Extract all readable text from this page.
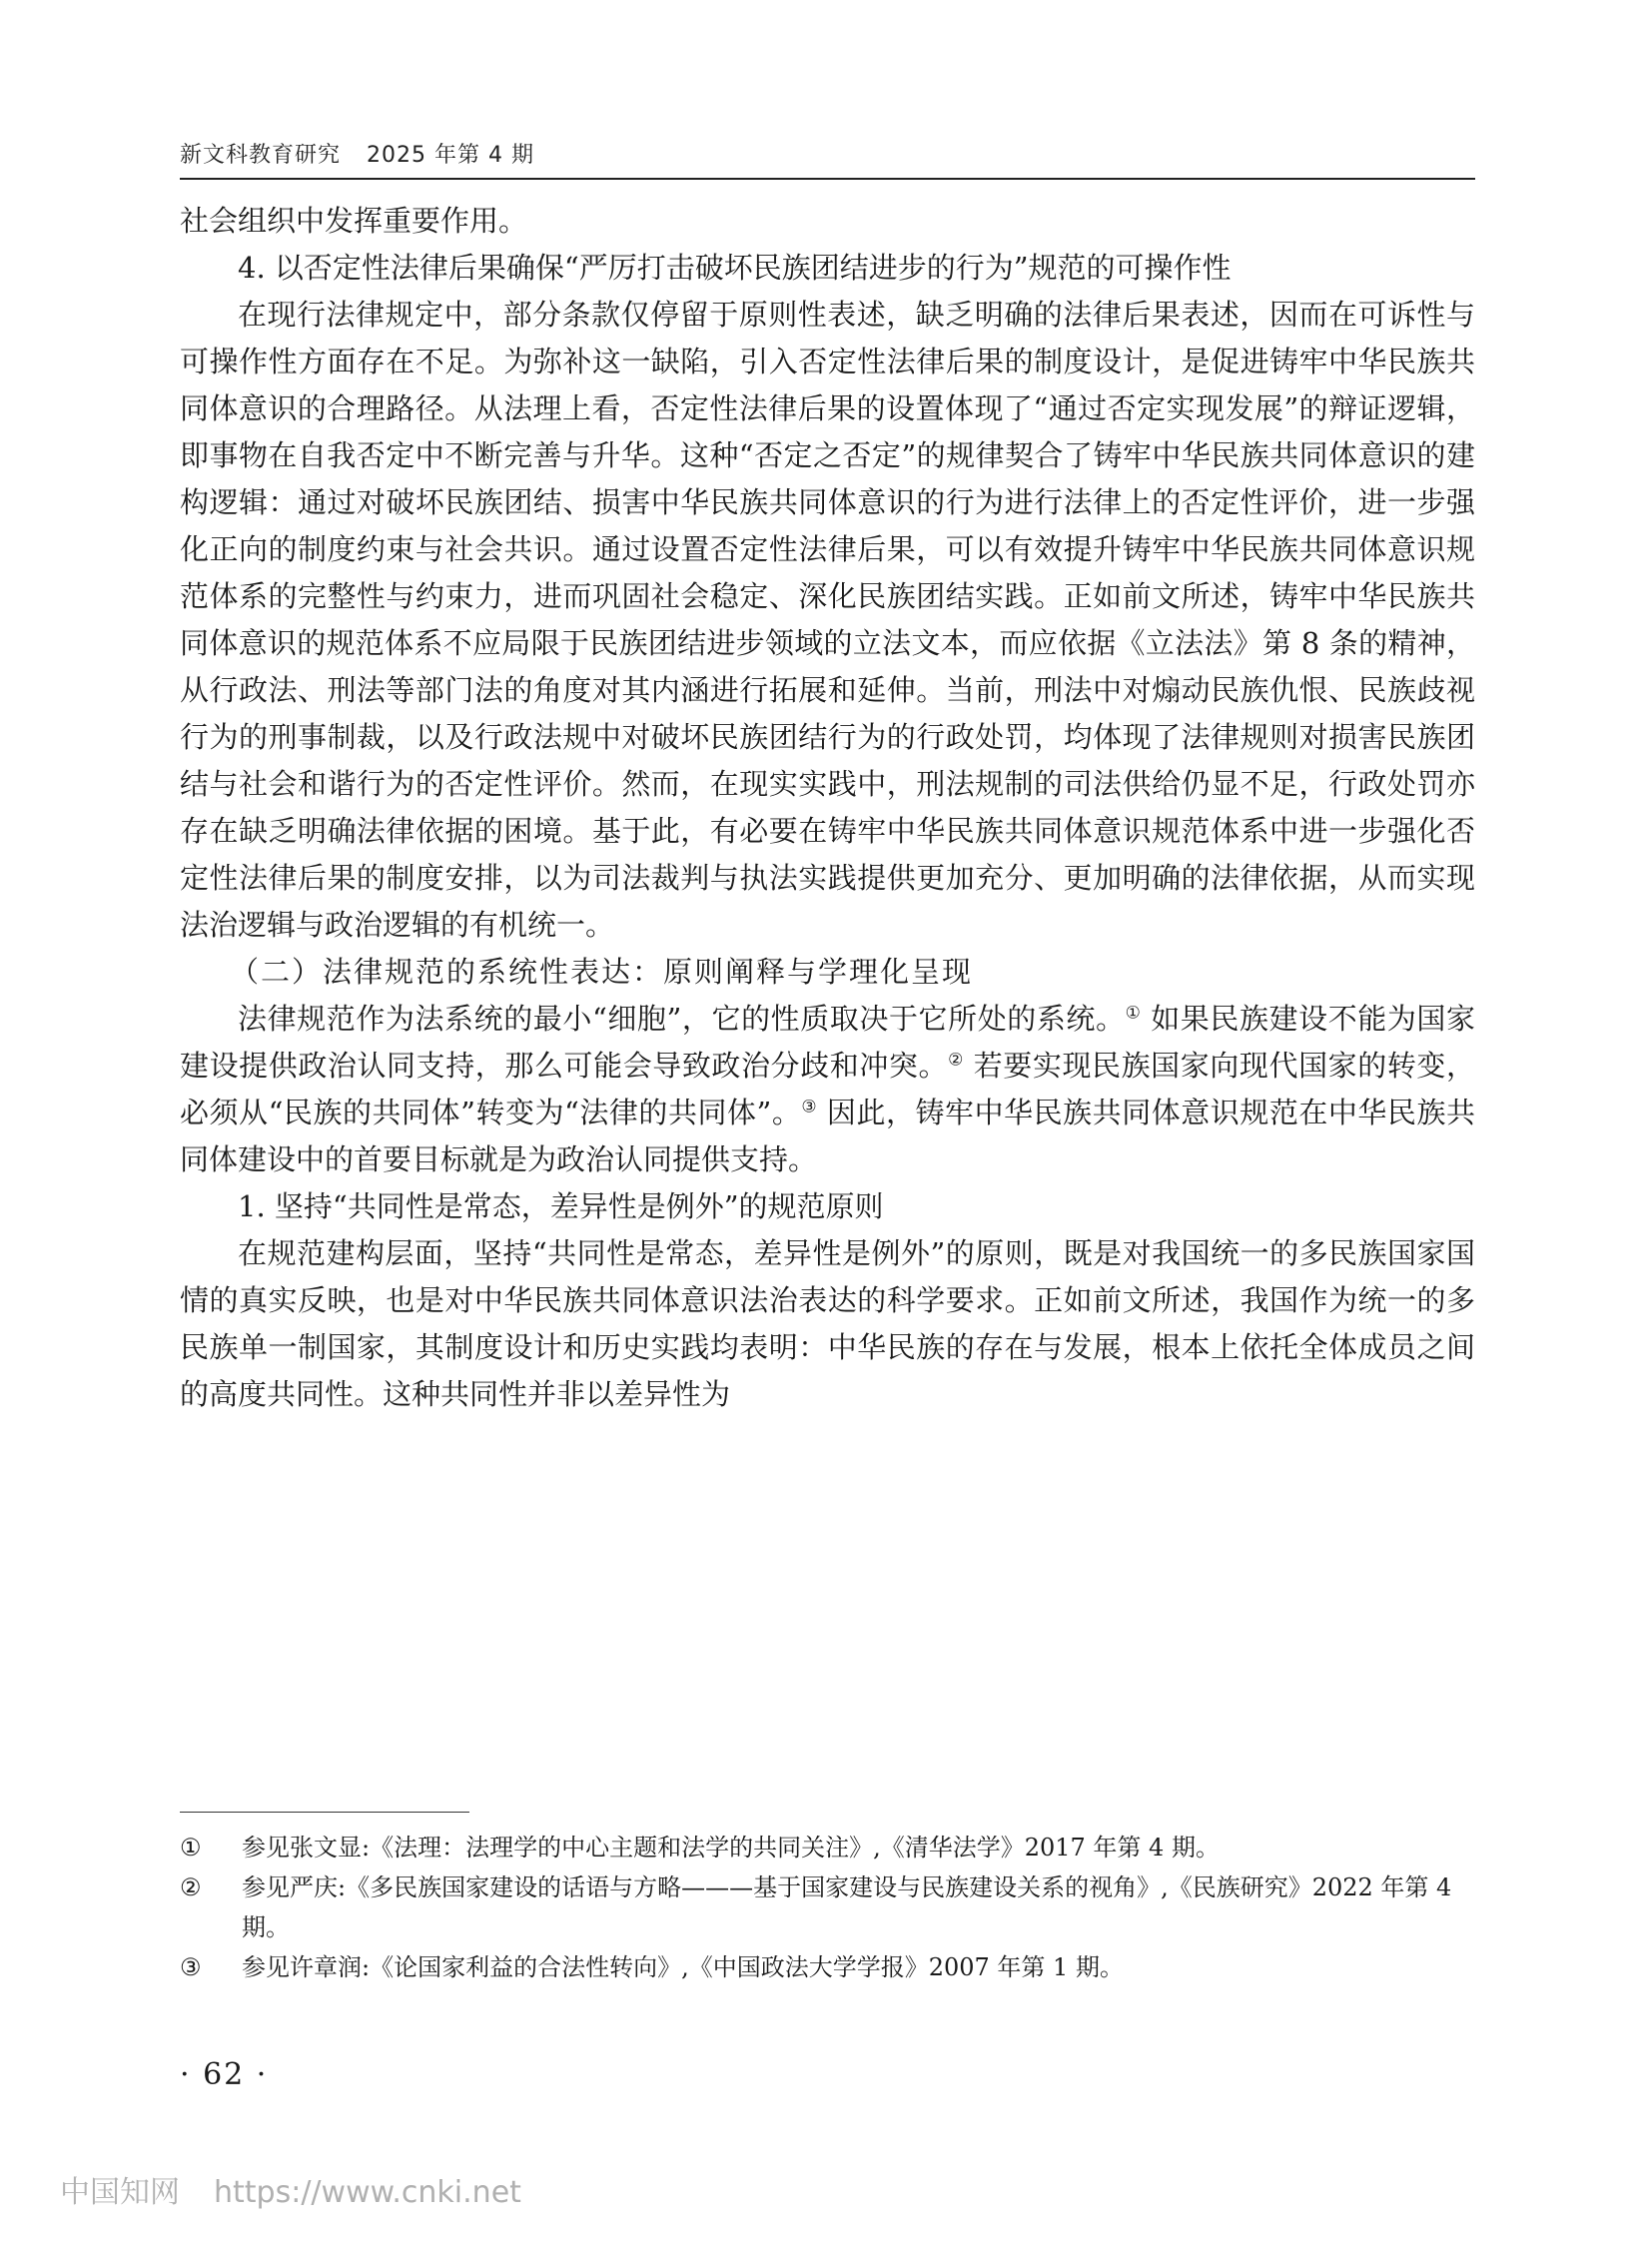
新文科教育研究 2025 年第 4 期

社会组织中发挥重要作用。

4. 以否定性法律后果确保“严厉打击破坏民族团结进步的行为”规范的可操作性

在现行法律规定中，部分条款仅停留于原则性表述，缺乏明确的法律后果表述，因而在可诉性与可操作性方面存在不足。为弥补这一缺陷，引入否定性法律后果的制度设计，是促进铸牢中华民族共同体意识的合理路径。从法理上看，否定性法律后果的设置体现了“通过否定实现发展”的辩证逻辑，即事物在自我否定中不断完善与升华。这种“否定之否定”的规律契合了铸牢中华民族共同体意识的建构逻辑：通过对破坏民族团结、损害中华民族共同体意识的行为进行法律上的否定性评价，进一步强化正向的制度约束与社会共识。通过设置否定性法律后果，可以有效提升铸牢中华民族共同体意识规范体系的完整性与约束力，进而巩固社会稳定、深化民族团结实践。正如前文所述，铸牢中华民族共同体意识的规范体系不应局限于民族团结进步领域的立法文本，而应依据《立法法》第 8 条的精神，从行政法、刑法等部门法的角度对其内涵进行拓展和延伸。当前，刑法中对煽动民族仇恨、民族歧视行为的刑事制裁，以及行政法规中对破坏民族团结行为的行政处罚，均体现了法律规则对损害民族团结与社会和谐行为的否定性评价。然而，在现实实践中，刑法规制的司法供给仍显不足，行政处罚亦存在缺乏明确法律依据的困境。基于此，有必要在铸牢中华民族共同体意识规范体系中进一步强化否定性法律后果的制度安排，以为司法裁判与执法实践提供更加充分、更加明确的法律依据，从而实现法治逻辑与政治逻辑的有机统一。

（二）法律规范的系统性表达：原则阐释与学理化呈现

法律规范作为法系统的最小“细胞”，它的性质取决于它所处的系统。① 如果民族建设不能为国家建设提供政治认同支持，那么可能会导致政治分歧和冲突。② 若要实现民族国家向现代国家的转变，必须从“民族的共同体”转变为“法律的共同体”。③ 因此，铸牢中华民族共同体意识规范在中华民族共同体建设中的首要目标就是为政治认同提供支持。

1. 坚持“共同性是常态，差异性是例外”的规范原则

在规范建构层面，坚持“共同性是常态，差异性是例外”的原则，既是对我国统一的多民族国家国情的真实反映，也是对中华民族共同体意识法治表达的科学要求。正如前文所述，我国作为统一的多民族单一制国家，其制度设计和历史实践均表明：中华民族的存在与发展，根本上依托全体成员之间的高度共同性。这种共同性并非以差异性为

①	参见张文显:《法理：法理学的中心主题和法学的共同关注》,《清华法学》2017 年第 4 期。
②	参见严庆:《多民族国家建设的话语与方略———基于国家建设与民族建设关系的视角》,《民族研究》2022 年第 4 期。
③	参见许章润:《论国家利益的合法性转向》,《中国政法大学学报》2007 年第 1 期。
· 62 ·
中国知网 https://www.cnki.net
